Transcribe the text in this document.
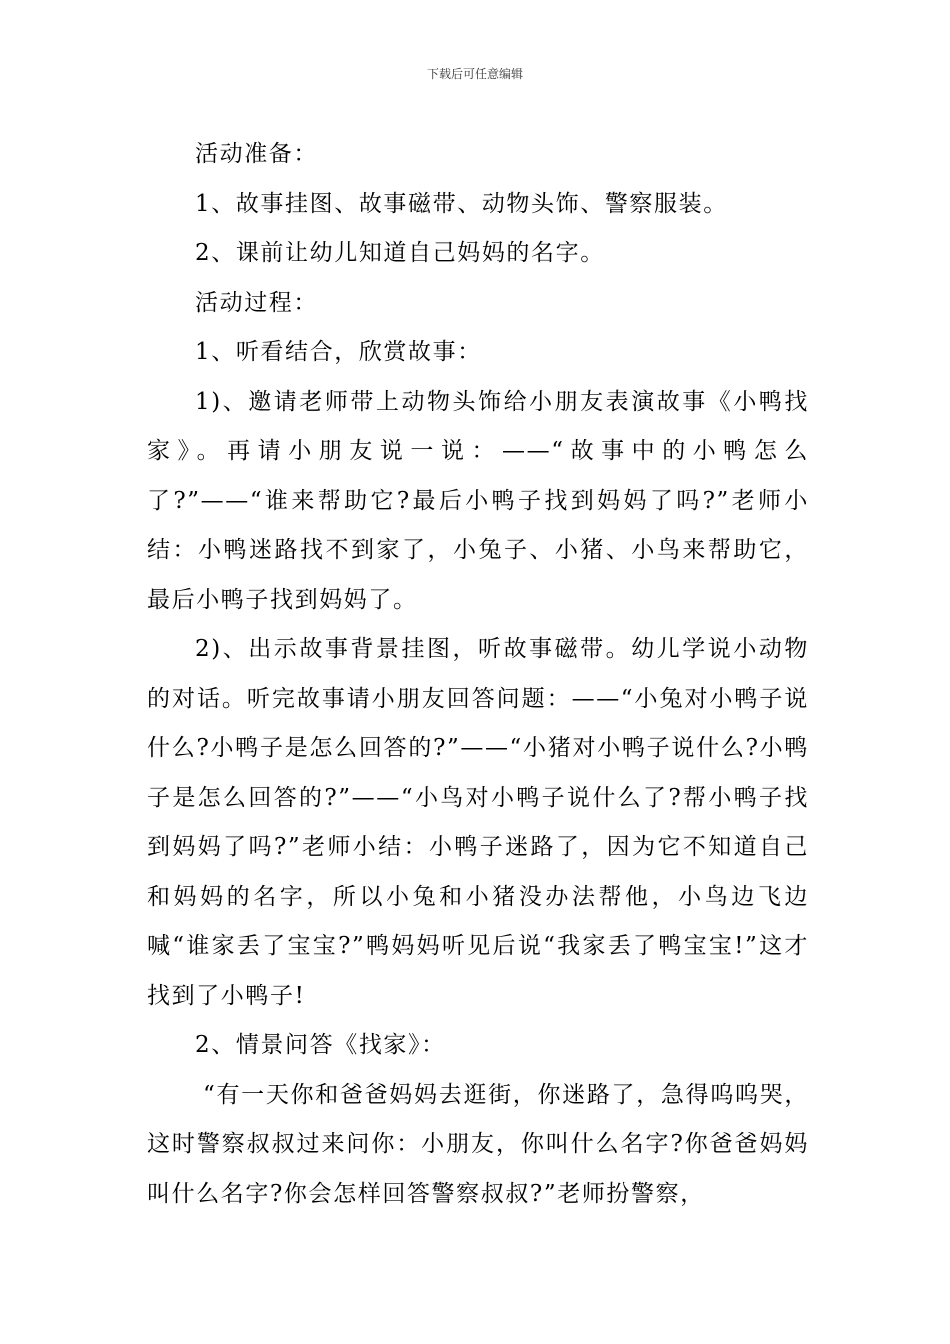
下载后可任意编辑

活动准备：

1、故事挂图、故事磁带、动物头饰、警察服装。

2、课前让幼儿知道自己妈妈的名字。

活动过程：

1、听看结合，欣赏故事：

1)、邀请老师带上动物头饰给小朋友表演故事《小鸭找家》。再请小朋友说一说：——“故事中的小鸭怎么了?”——“谁来帮助它?最后小鸭子找到妈妈了吗?”老师小结：小鸭迷路找不到家了，小兔子、小猪、小鸟来帮助它，最后小鸭子找到妈妈了。

2)、出示故事背景挂图，听故事磁带。幼儿学说小动物的对话。听完故事请小朋友回答问题：——“小兔对小鸭子说什么?小鸭子是怎么回答的?”——“小猪对小鸭子说什么?小鸭子是怎么回答的?”——“小鸟对小鸭子说什么了?帮小鸭子找到妈妈了吗?”老师小结：小鸭子迷路了，因为它不知道自己和妈妈的名字，所以小兔和小猪没办法帮他，小鸟边飞边喊“谁家丢了宝宝?”鸭妈妈听见后说“我家丢了鸭宝宝!”这才找到了小鸭子!

2、情景问答《找家》：

“有一天你和爸爸妈妈去逛街，你迷路了，急得呜呜哭，这时警察叔叔过来问你：小朋友，你叫什么名字?你爸爸妈妈叫什么名字?你会怎样回答警察叔叔?”老师扮警察，
